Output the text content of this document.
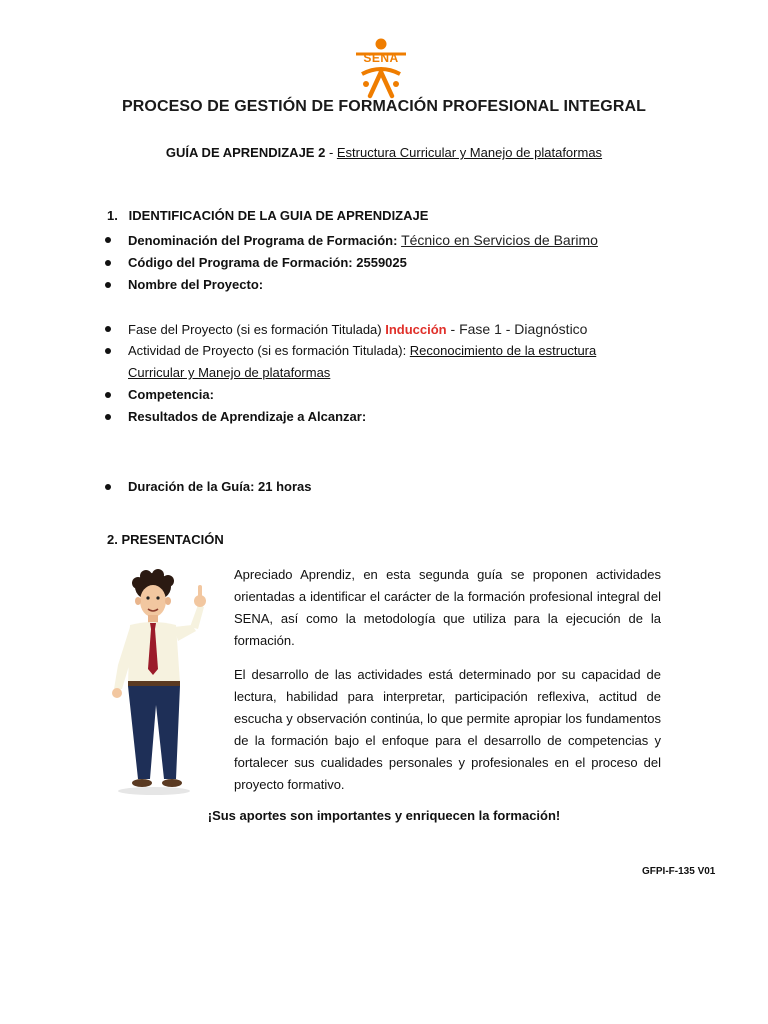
SENA
PROCESO DE GESTIÓN DE FORMACIÓN PROFESIONAL INTEGRAL
GUÍA DE APRENDIZAJE 2 - Estructura Curricular y Manejo de plataformas
1.   IDENTIFICACIÓN DE LA GUIA DE APRENDIZAJE
Denominación del Programa de Formación: Técnico en Servicios de Barimo
Código del Programa de Formación: 2559025
Nombre del Proyecto:
Fase del Proyecto (si es formación Titulada) Inducción - Fase 1 - Diagnóstico
Actividad de Proyecto (si es formación Titulada): Reconocimiento de la estructura
Curricular y Manejo de plataformas
Competencia:
Resultados de Aprendizaje a Alcanzar:
Duración de la Guía: 21 horas
2. PRESENTACIÓN
Apreciado Aprendiz, en esta segunda guía se proponen actividades orientadas a identificar el carácter de la formación profesional integral del SENA, así como la metodología que utiliza para la ejecución de la formación.
El desarrollo de las actividades está determinado por su capacidad de lectura, habilidad para interpretar, participación reflexiva, actitud de escucha y observación continúa, lo que permite apropiar los fundamentos de la formación bajo el enfoque para el desarrollo de competencias y fortalecer sus cualidades personales y profesionales en el proceso del proyecto formativo.
¡Sus aportes son importantes y enriquecen la formación!
GFPI-F-135 V01
